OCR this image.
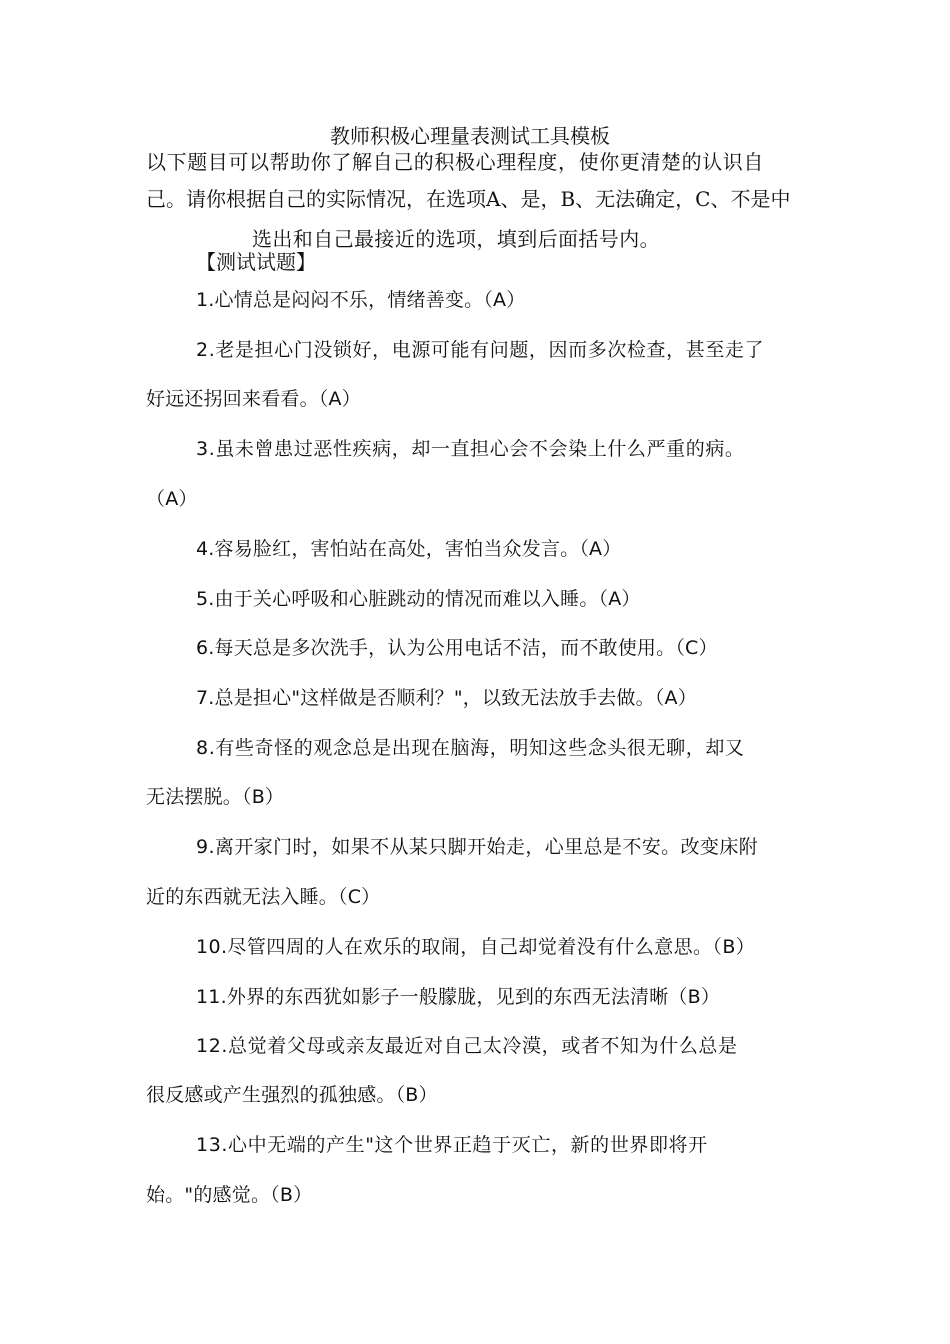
教师积极心理量表测试工具模板
以下题目可以帮助你了解自己的积极心理程度，使你更清楚的认识自
己。请你根据自己的实际情况，在选项A、是，B、无法确定，C、不是中
选出和自己最接近的选项，填到后面括号内。
【测试试题】
1.心情总是闷闷不乐，情绪善变。（A）
2.老是担心门没锁好，电源可能有问题，因而多次检查，甚至走了
好远还拐回来看看。（A）
3.虽未曾患过恶性疾病，却一直担心会不会染上什么严重的病。
（A）
4.容易脸红，害怕站在高处，害怕当众发言。（A）
5.由于关心呼吸和心脏跳动的情况而难以入睡。（A）
6.每天总是多次洗手，认为公用电话不洁，而不敢使用。（C）
7.总是担心"这样做是否顺利？"，以致无法放手去做。（A）
8.有些奇怪的观念总是出现在脑海，明知这些念头很无聊，却又
无法摆脱。（B）
9.离开家门时，如果不从某只脚开始走，心里总是不安。改变床附
近的东西就无法入睡。（C）
10.尽管四周的人在欢乐的取闹，自己却觉着没有什么意思。（B）
11.外界的东西犹如影子一般朦胧，见到的东西无法清晰（B）
12.总觉着父母或亲友最近对自己太冷漠，或者不知为什么总是
很反感或产生强烈的孤独感。（B）
13.心中无端的产生"这个世界正趋于灭亡，新的世界即将开
始。"的感觉。（B）
